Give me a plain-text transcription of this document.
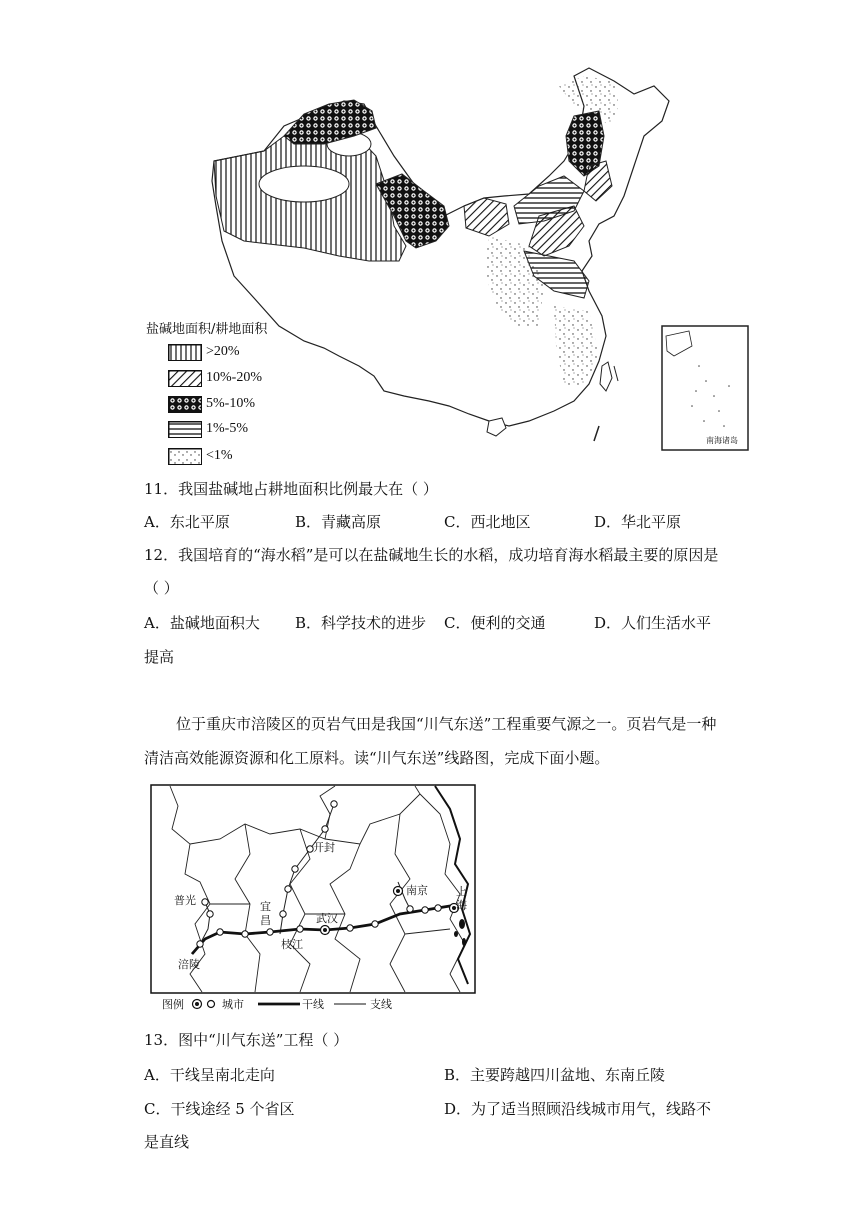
南海诸岛
盐碱地面积/耕地面积
>20%
10%-20%
5%-10%
1%-5%
<1%
11．我国盐碱地占耕地面积比例最大在（ ）
A．东北平原	B．青藏高原	C．西北地区	D．华北平原
12．我国培育的“海水稻”是可以在盐碱地生长的水稻，成功培育海水稻最主要的原因是
（ ）
A．盐碱地面积大 B．科学技术的进步 C．便利的交通	D．人们生活水平
提高
位于重庆市涪陵区的页岩气田是我国“川气东送”工程重要气源之一。页岩气是一种
清洁高效能源资源和化工原料。读“川气东送”线路图，完成下面小题。
开封
南京	上
海
普光	宜
昌	武汉
枝江
涪陵
图例	城市	干线	支线
13．图中“川气东送”工程（ ）
A．干线呈南北走向	B．主要跨越四川盆地、东南丘陵
C．干线途经 5 个省区	D．为了适当照顾沿线城市用气，线路不
是直线
